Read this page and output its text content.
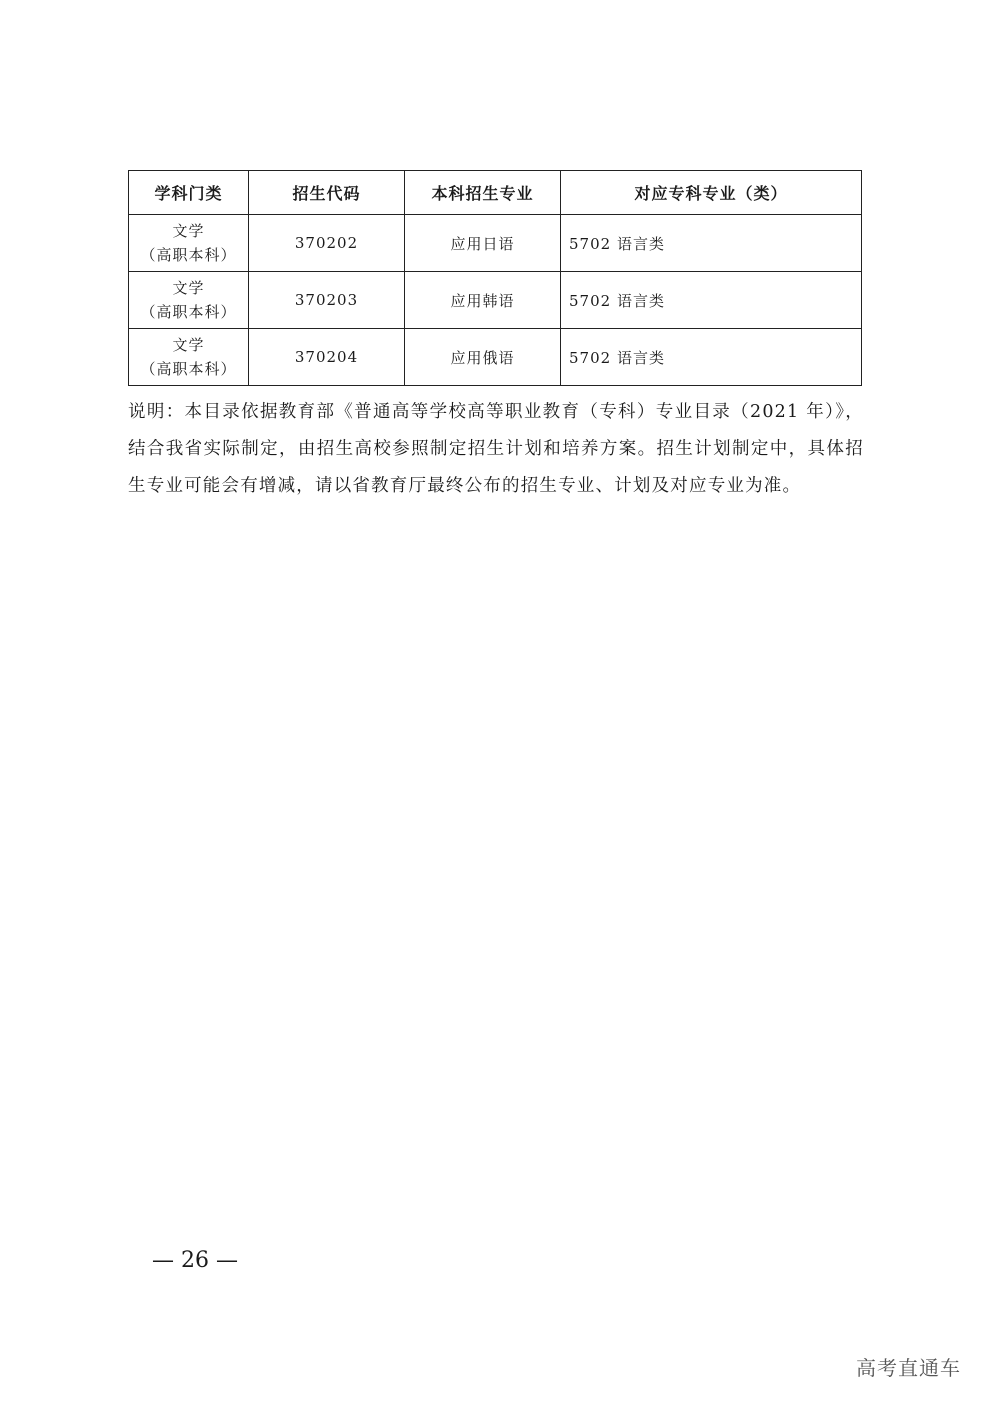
学科门类	招生代码	本科招生专业	对应专科专业（类）

文学
（高职本科）	370202	应用日语	5702 语言类

文学
（高职本科）	370203	应用韩语	5702 语言类

文学
（高职本科）	370204	应用俄语	5702 语言类

说明：本目录依据教育部《普通高等学校高等职业教育（专科）专业目录（2021 年）》，结合我省实际制定，由招生高校参照制定招生计划和培养方案。招生计划制定中，具体招生专业可能会有增减，请以省教育厅最终公布的招生专业、计划及对应专业为准。

— 26 —
高考直通车
